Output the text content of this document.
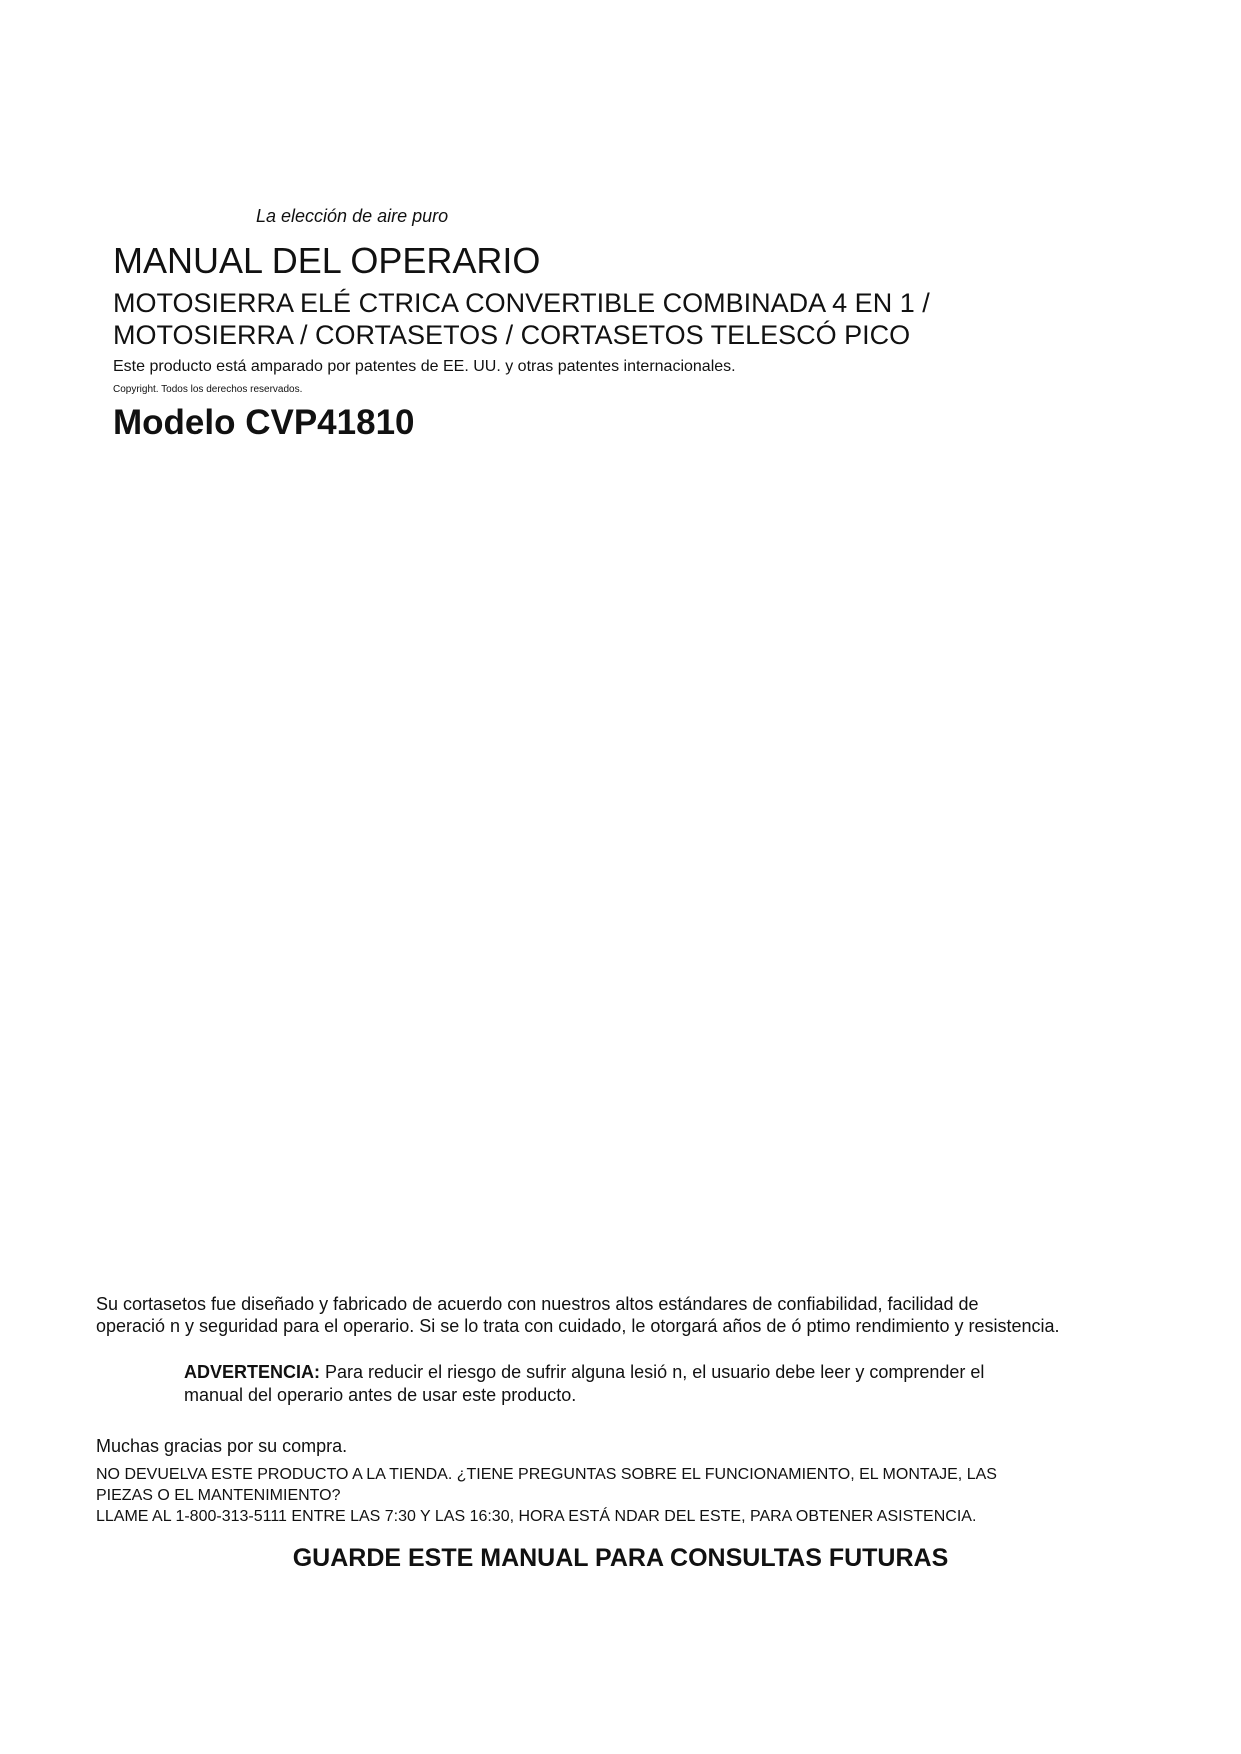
La elección de aire puro
MANUAL DEL OPERARIO
MOTOSIERRA ELÉ CTRICA CONVERTIBLE COMBINADA 4 EN 1 /
MOTOSIERRA / CORTASETOS / CORTASETOS TELESCÓ PICO
Este producto está amparado por patentes de EE. UU. y otras patentes internacionales.
Copyright. Todos los derechos reservados.
Modelo CVP41810
Su cortasetos fue diseñado y fabricado de acuerdo con nuestros altos estándares de confiabilidad, facilidad de
operació n y seguridad para el operario. Si se lo trata con cuidado, le otorgará años de ó ptimo rendimiento y resistencia.
ADVERTENCIA: Para reducir el riesgo de sufrir alguna lesió n, el usuario debe leer y comprender el
manual del operario antes de usar este producto.
Muchas gracias por su compra.
NO DEVUELVA ESTE PRODUCTO A LA TIENDA. ¿TIENE PREGUNTAS SOBRE EL FUNCIONAMIENTO, EL MONTAJE, LAS
PIEZAS O EL MANTENIMIENTO?
LLAME AL 1-800-313-5111 ENTRE LAS 7:30 Y LAS 16:30, HORA ESTÁ NDAR DEL ESTE, PARA OBTENER ASISTENCIA.
GUARDE ESTE MANUAL PARA CONSULTAS FUTURAS
